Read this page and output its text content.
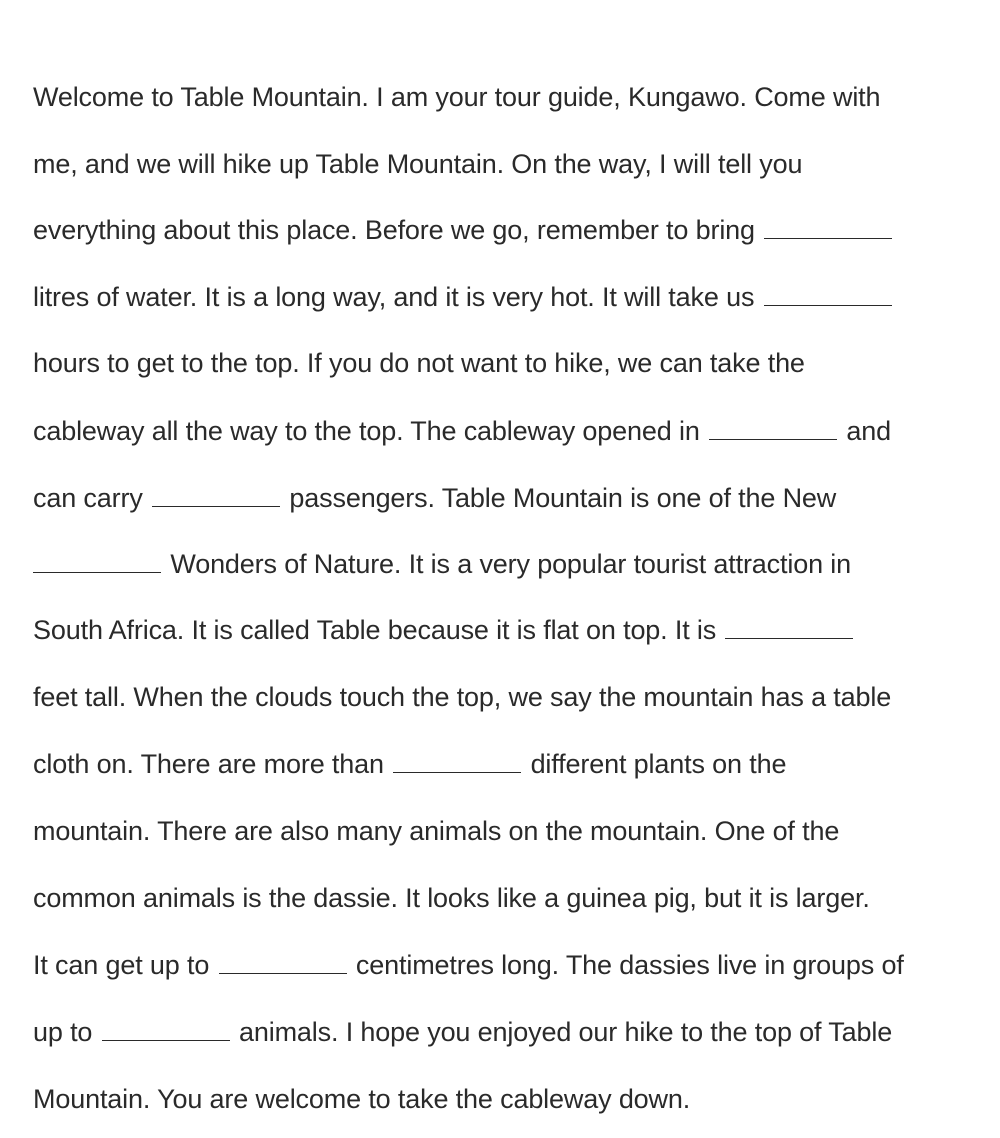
Welcome to Table Mountain. I am your tour guide, Kungawo. Come with
me, and we will hike up Table Mountain. On the way, I will tell you
everything about this place. Before we go, remember to bring
litres of water. It is a long way, and it is very hot. It will take us
hours to get to the top. If you do not want to hike, we can take the
cableway all the way to the top. The cableway opened in	and
can carry	passengers. Table Mountain is one of the New
Wonders of Nature. It is a very popular tourist attraction in
South Africa. It is called Table because it is flat on top. It is
feet tall. When the clouds touch the top, we say the mountain has a table
cloth on. There are more than	different plants on the
mountain. There are also many animals on the mountain. One of the
common animals is the dassie. It looks like a guinea pig, but it is larger.
It can get up to	centimetres long. The dassies live in groups of
up to	animals. I hope you enjoyed our hike to the top of Table
Mountain. You are welcome to take the cableway down.
